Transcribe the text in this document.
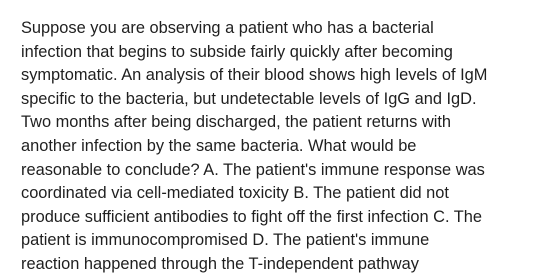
Suppose you are observing a patient who has a bacterial
infection that begins to subside fairly quickly after becoming
symptomatic. An analysis of their blood shows high levels of IgM
specific to the bacteria, but undetectable levels of IgG and IgD.
Two months after being discharged, the patient returns with
another infection by the same bacteria. What would be
reasonable to conclude? A. The patient's immune response was
coordinated via cell-mediated toxicity B. The patient did not
produce sufficient antibodies to fight off the first infection C. The
patient is immunocompromised D. The patient's immune
reaction happened through the T-independent pathway
